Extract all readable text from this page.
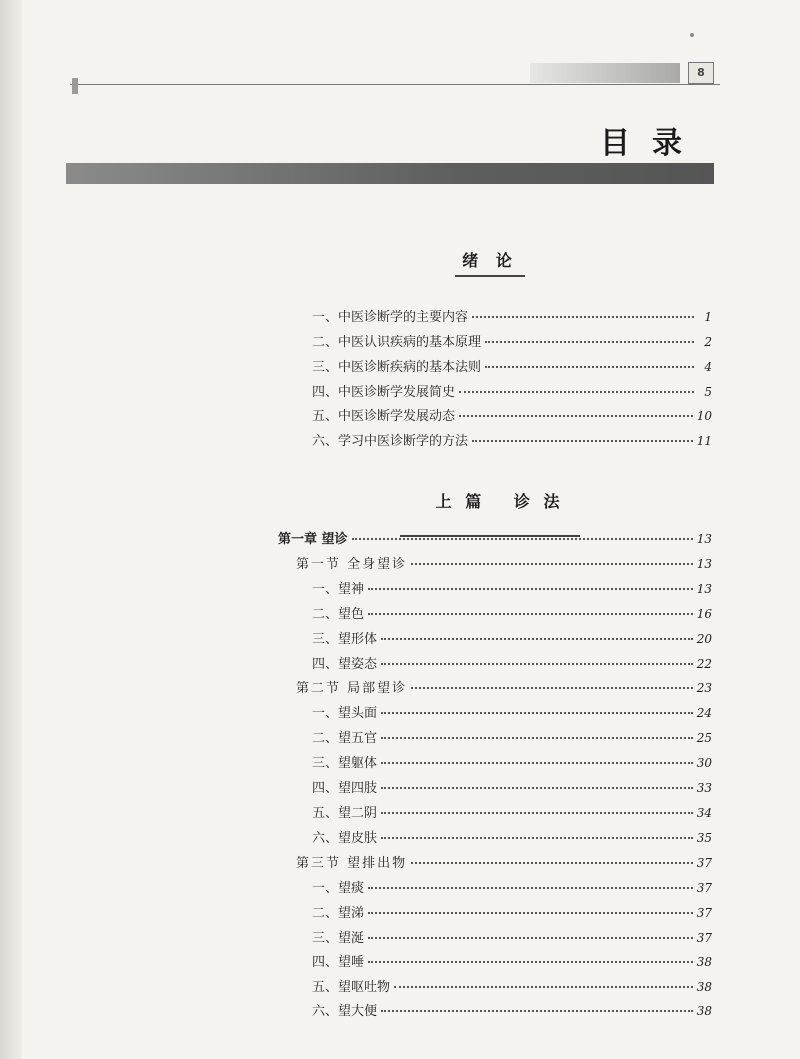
8
目录
绪 论
一、中医诊断学的主要内容	1
二、中医认识疾病的基本原理	2
三、中医诊断疾病的基本法则	4
四、中医诊断学发展简史	5
五、中医诊断学发展动态	10
六、学习中医诊断学的方法	11

上 篇   诊 法

第一章 望诊	13
第一节 全身望诊	13
一、望神	13
二、望色	16
三、望形体	20
四、望姿态	22
第二节 局部望诊	23
一、望头面	24
二、望五官	25
三、望躯体	30
四、望四肢	33
五、望二阴	34
六、望皮肤	35
第三节 望排出物	37
一、望痰	37
二、望涕	37
三、望涎	37
四、望唾	38
五、望呕吐物	38
六、望大便	38
